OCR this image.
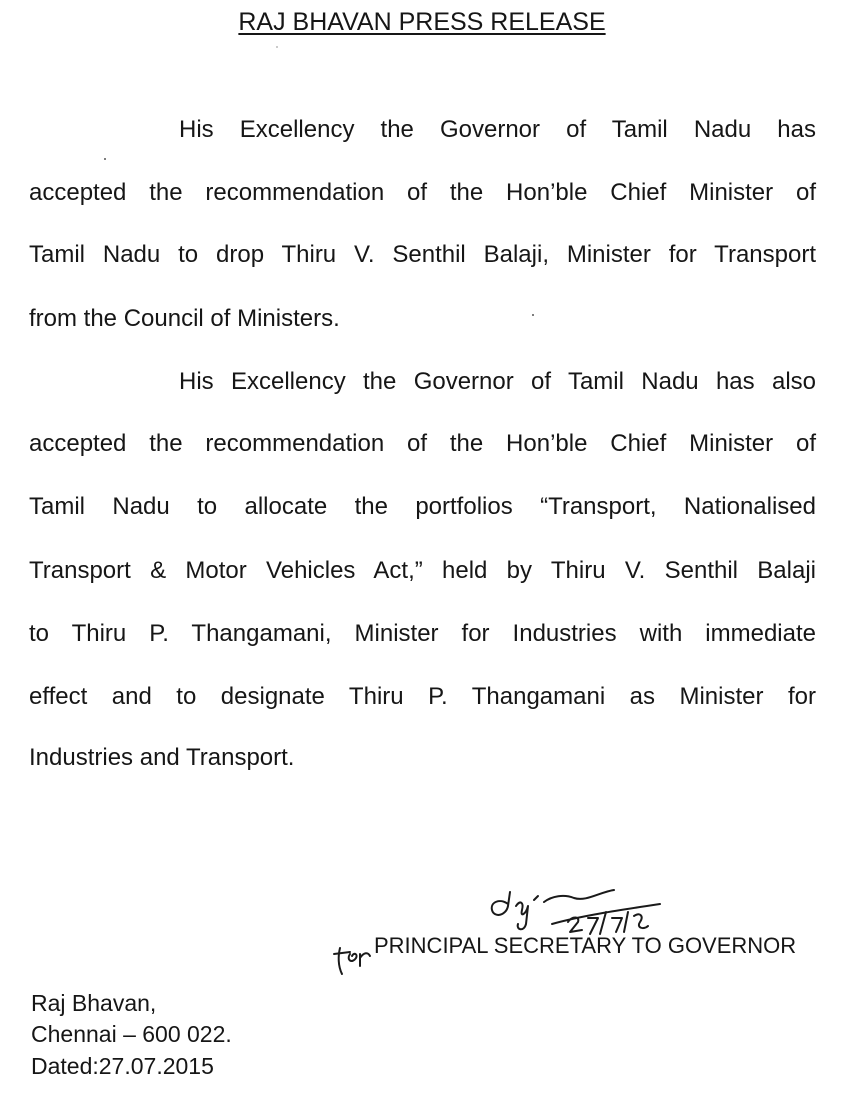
RAJ BHAVAN PRESS RELEASE
His Excellency the Governor of Tamil Nadu has
accepted the recommendation of the Hon’ble Chief Minister of
Tamil Nadu to drop Thiru V. Senthil Balaji, Minister for Transport
from the Council of Ministers.
His Excellency the Governor of Tamil Nadu has also
accepted the recommendation of the Hon’ble Chief Minister of
Tamil Nadu to allocate the portfolios “Transport, Nationalised
Transport & Motor Vehicles Act,” held by Thiru V. Senthil Balaji
to Thiru P. Thangamani, Minister for Industries with immediate
effect and to designate Thiru P. Thangamani as Minister for
Industries and Transport.
PRINCIPAL SECRETARY TO GOVERNOR
Raj Bhavan,
Chennai – 600 022.
Dated:27.07.2015
